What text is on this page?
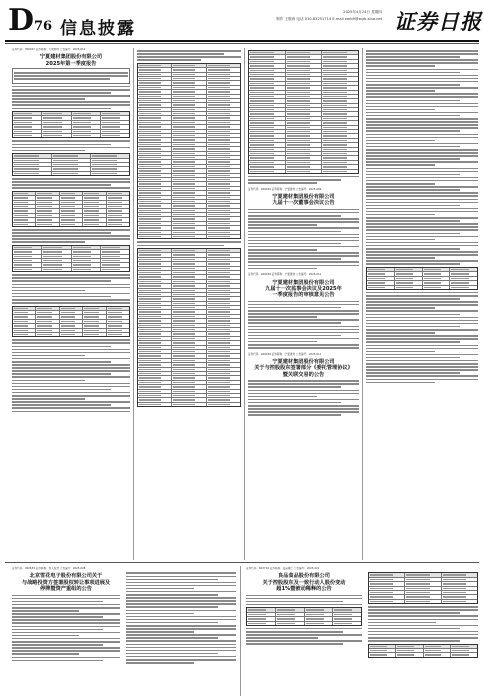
D 76 信息披露
2025年4月24日 星期四
制作 王敬涛 电话 010-83251714 E-mail zqrb9@zqrb.sina.net 证券日报
证券代码：300047 证券简称：天源迪科 公告编号：2025-012
宁夏建材集团股份有限公司
2025年第一季度报告
证券代码：600449 证券简称：宁夏建材 公告编号：2025-009
宁夏建材集团股份有限公司
九届十一次董事会决议公告
证券代码：600449 证券简称：宁夏建材 公告编号：2025-010
宁夏建材集团股份有限公司
九届十一次监事会决议及2025年
一季度报告的审核意见公告
证券代码：600449 证券简称：宁夏建材 公告编号：2025-011
宁夏建材集团股份有限公司
关于与控股股东签署部分《委托管理协议》
暨关联交易的公告
证券代码：002639 证券简称：雪人股份 公告编号：2025-028
北京雪花电子股份有限公司关于
与战略投资方签署股权转让事项进展及
停牌暨资产重组的公告
证券代码：603719 证券简称：良品铺子 公告编号：2025-021
良品食品股份有限公司
关于控股股东及一致行动人股份变动
超1%暨被动稀释的公告
